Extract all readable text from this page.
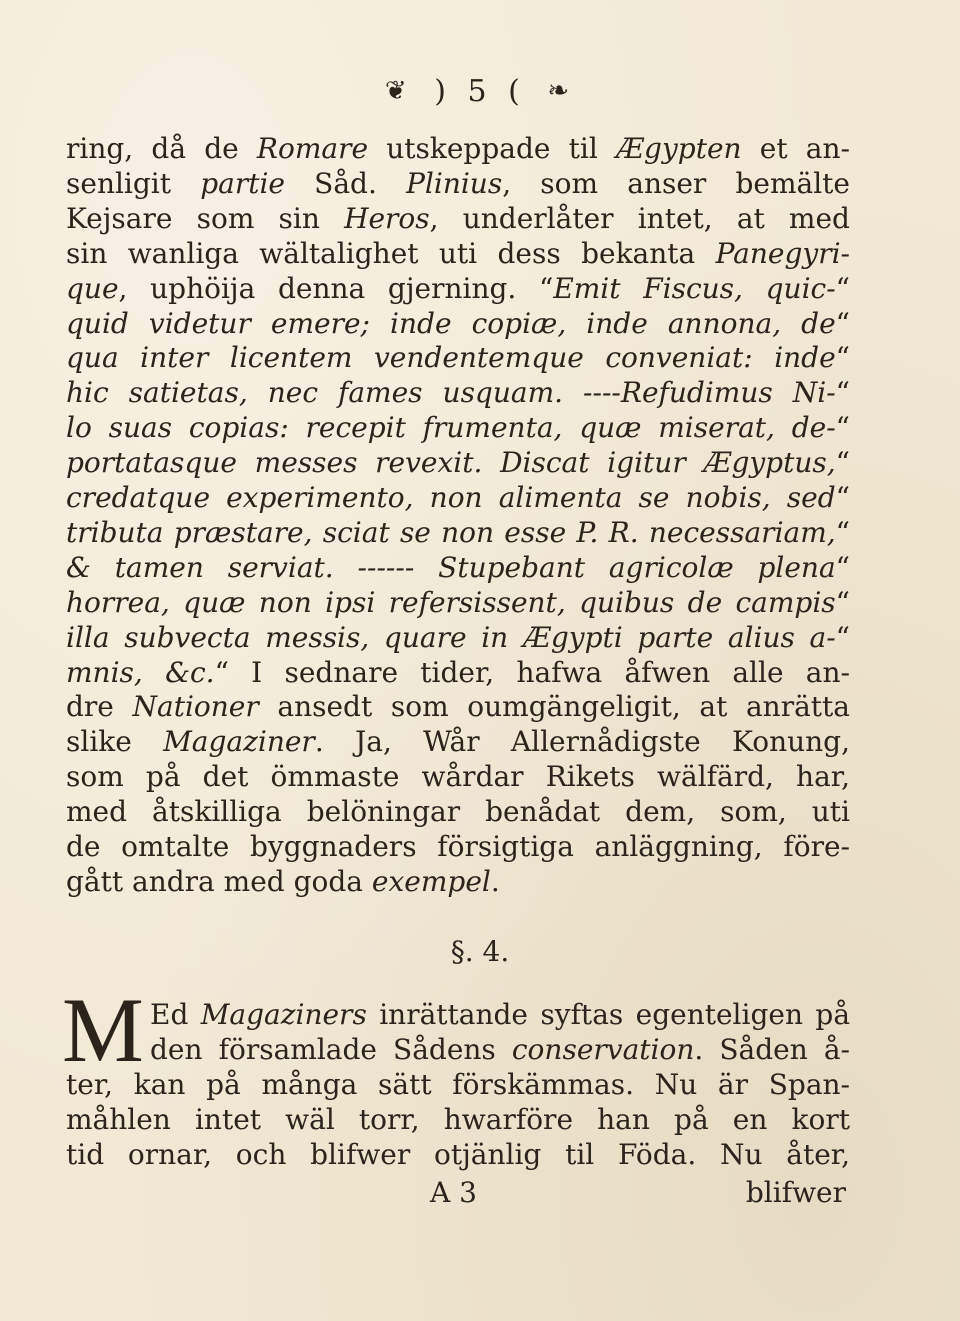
❦ ) 5 ( ❧
ring, då de Romare utskeppade til Ægypten et an-
senligit partie Såd. Plinius, som anser bemälte
Kejsare som sin Heros, underlåter intet, at med
sin wanliga wältalighet uti dess bekanta Panegyri-
que, uphöija denna gjerning. “Emit Fiscus, quic-“
quid videtur emere; inde copiæ, inde annona, de“
qua inter licentem vendentemque conveniat: inde“
hic satietas, nec fames usquam. ----Refudimus Ni-“
lo suas copias: recepit frumenta, quæ miserat, de-“
portatasque messes revexit. Discat igitur Ægyptus,“
credatque experimento, non alimenta se nobis, sed“
tributa præstare, sciat se non esse P. R. necessariam,“
& tamen serviat. ------ Stupebant agricolæ plena“
horrea, quæ non ipsi refersissent, quibus de campis“
illa subvecta messis, quare in Ægypti parte alius a-“
mnis, &c.“ I sednare tider, hafwa åfwen alle an-
dre Nationer ansedt som oumgängeligit, at anrätta
slike Magaziner. Ja, Wår Allernådigste Konung,
som på det ömmaste wårdar Rikets wälfärd, har,
med åtskilliga belöningar benådat dem, som, uti
de omtalte byggnaders försigtiga anläggning, före-
gått andra med goda exempel.
§. 4.
M Ed Magaziners inrättande syftas egenteligen på
den församlade Sådens conservation. Såden å-
ter, kan på många sätt förskämmas. Nu är Span-
måhlen intet wäl torr, hwarföre han på en kort
tid ornar, och blifwer otjänlig til Föda. Nu åter,
A 3	blifwer
